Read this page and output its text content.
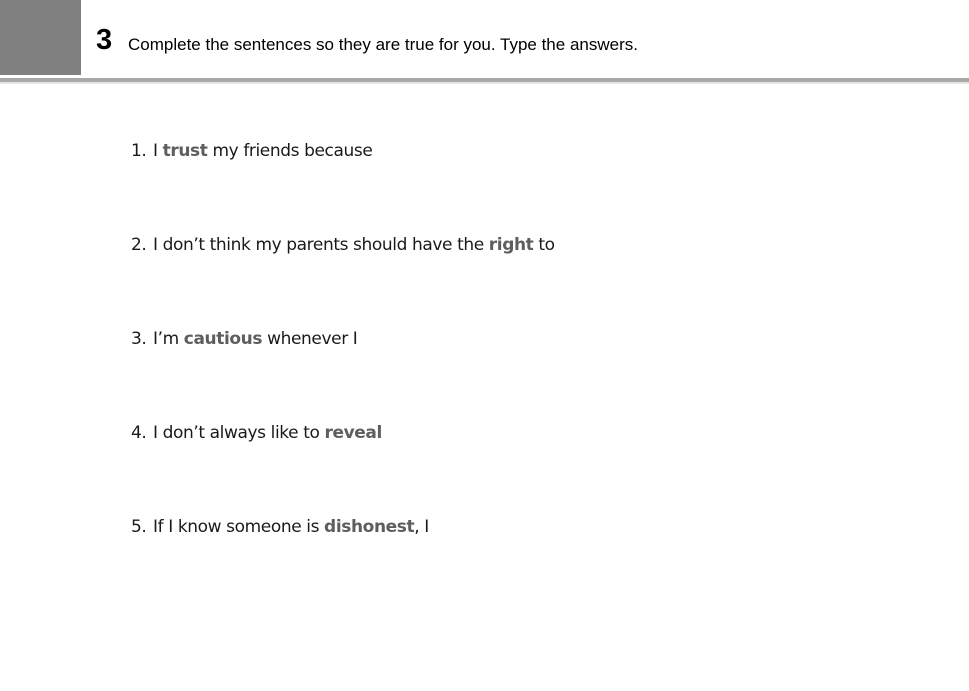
3 Complete the sentences so they are true for you. Type the answers.
1. I trust my friends because
2. I don’t think my parents should have the right to
3. I’m cautious whenever I
4. I don’t always like to reveal
5. If I know someone is dishonest, I
